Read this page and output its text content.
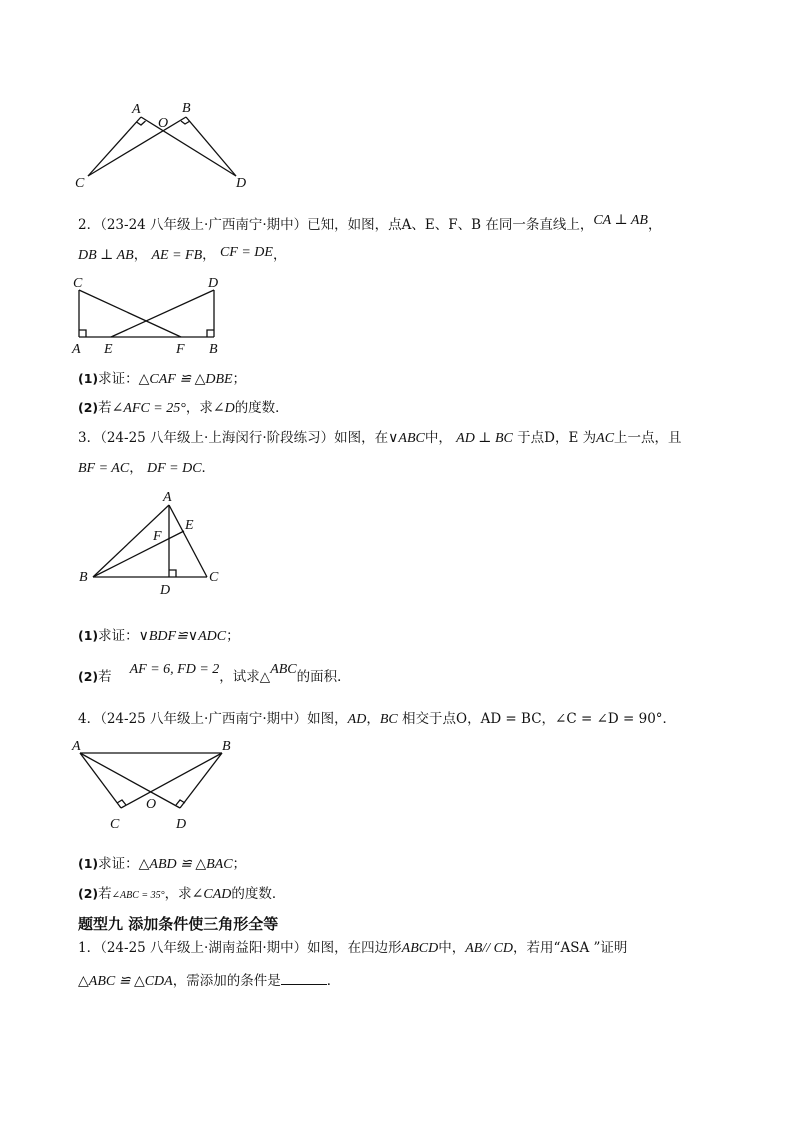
A	B
O
C	D
2．（23-24 八年级上·广西南宁·期中）已知，如图，点A、E、F、B 在同一条直线上，CA ⊥ AB，
DB ⊥ AB， AE = FB， CF = DE，
C	D
A E	F B
(1)求证：△CAF ≌ △DBE；
(2)若∠AFC = 25°，求∠D的度数．
3．（24-25 八年级上·上海闵行·阶段练习）如图，在∨ABC中， AD ⊥ BC 于点D，E 为AC上一点，且
BF = AC， DF = DC．
A
E
F
B
D
C
(1)求证：∨BDF≌∨ADC；
(2)若 AF = 6, FD = 2，试求△ABC的面积．
4．（24-25 八年级上·广西南宁·期中）如图，AD，BC 相交于点O，AD = BC，∠C = ∠D = 90°．
A	B
O
C	D
(1)求证：△ABD ≌ △BAC；
(2)若∠ABC = 35°，求∠CAD的度数．
题型九 添加条件使三角形全等
1．（24-25 八年级上·湖南益阳·期中）如图，在四边形ABCD中，AB// CD，若用“ASA ”证明
△ABC ≌ △CDA，需添加的条件是	．
